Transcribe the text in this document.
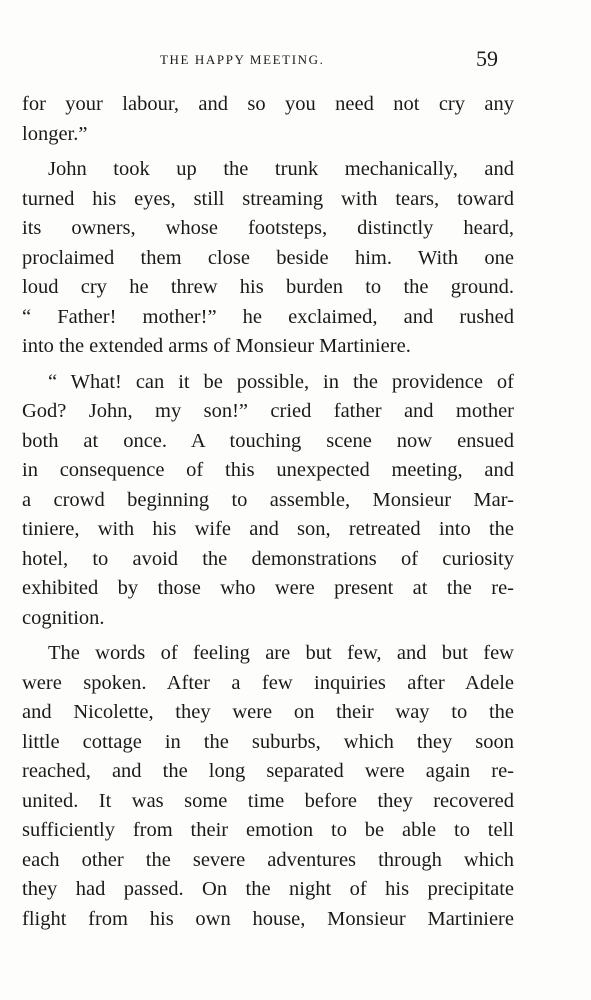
THE HAPPY MEETING.	59
for your labour, and so you need not cry any
longer.”
John took up the trunk mechanically, and
turned his eyes, still streaming with tears, toward
its owners, whose footsteps, distinctly heard,
proclaimed them close beside him. With one
loud cry he threw his burden to the ground.
“ Father! mother!” he exclaimed, and rushed
into the extended arms of Monsieur Martiniere.
“ What! can it be possible, in the providence of
God? John, my son!” cried father and mother
both at once. A touching scene now ensued
in consequence of this unexpected meeting, and
a crowd beginning to assemble, Monsieur Mar-
tiniere, with his wife and son, retreated into the
hotel, to avoid the demonstrations of curiosity
exhibited by those who were present at the re-
cognition.
The words of feeling are but few, and but few
were spoken. After a few inquiries after Adele
and Nicolette, they were on their way to the
little cottage in the suburbs, which they soon
reached, and the long separated were again re-
united. It was some time before they recovered
sufficiently from their emotion to be able to tell
each other the severe adventures through which
they had passed. On the night of his precipitate
flight from his own house, Monsieur Martiniere
